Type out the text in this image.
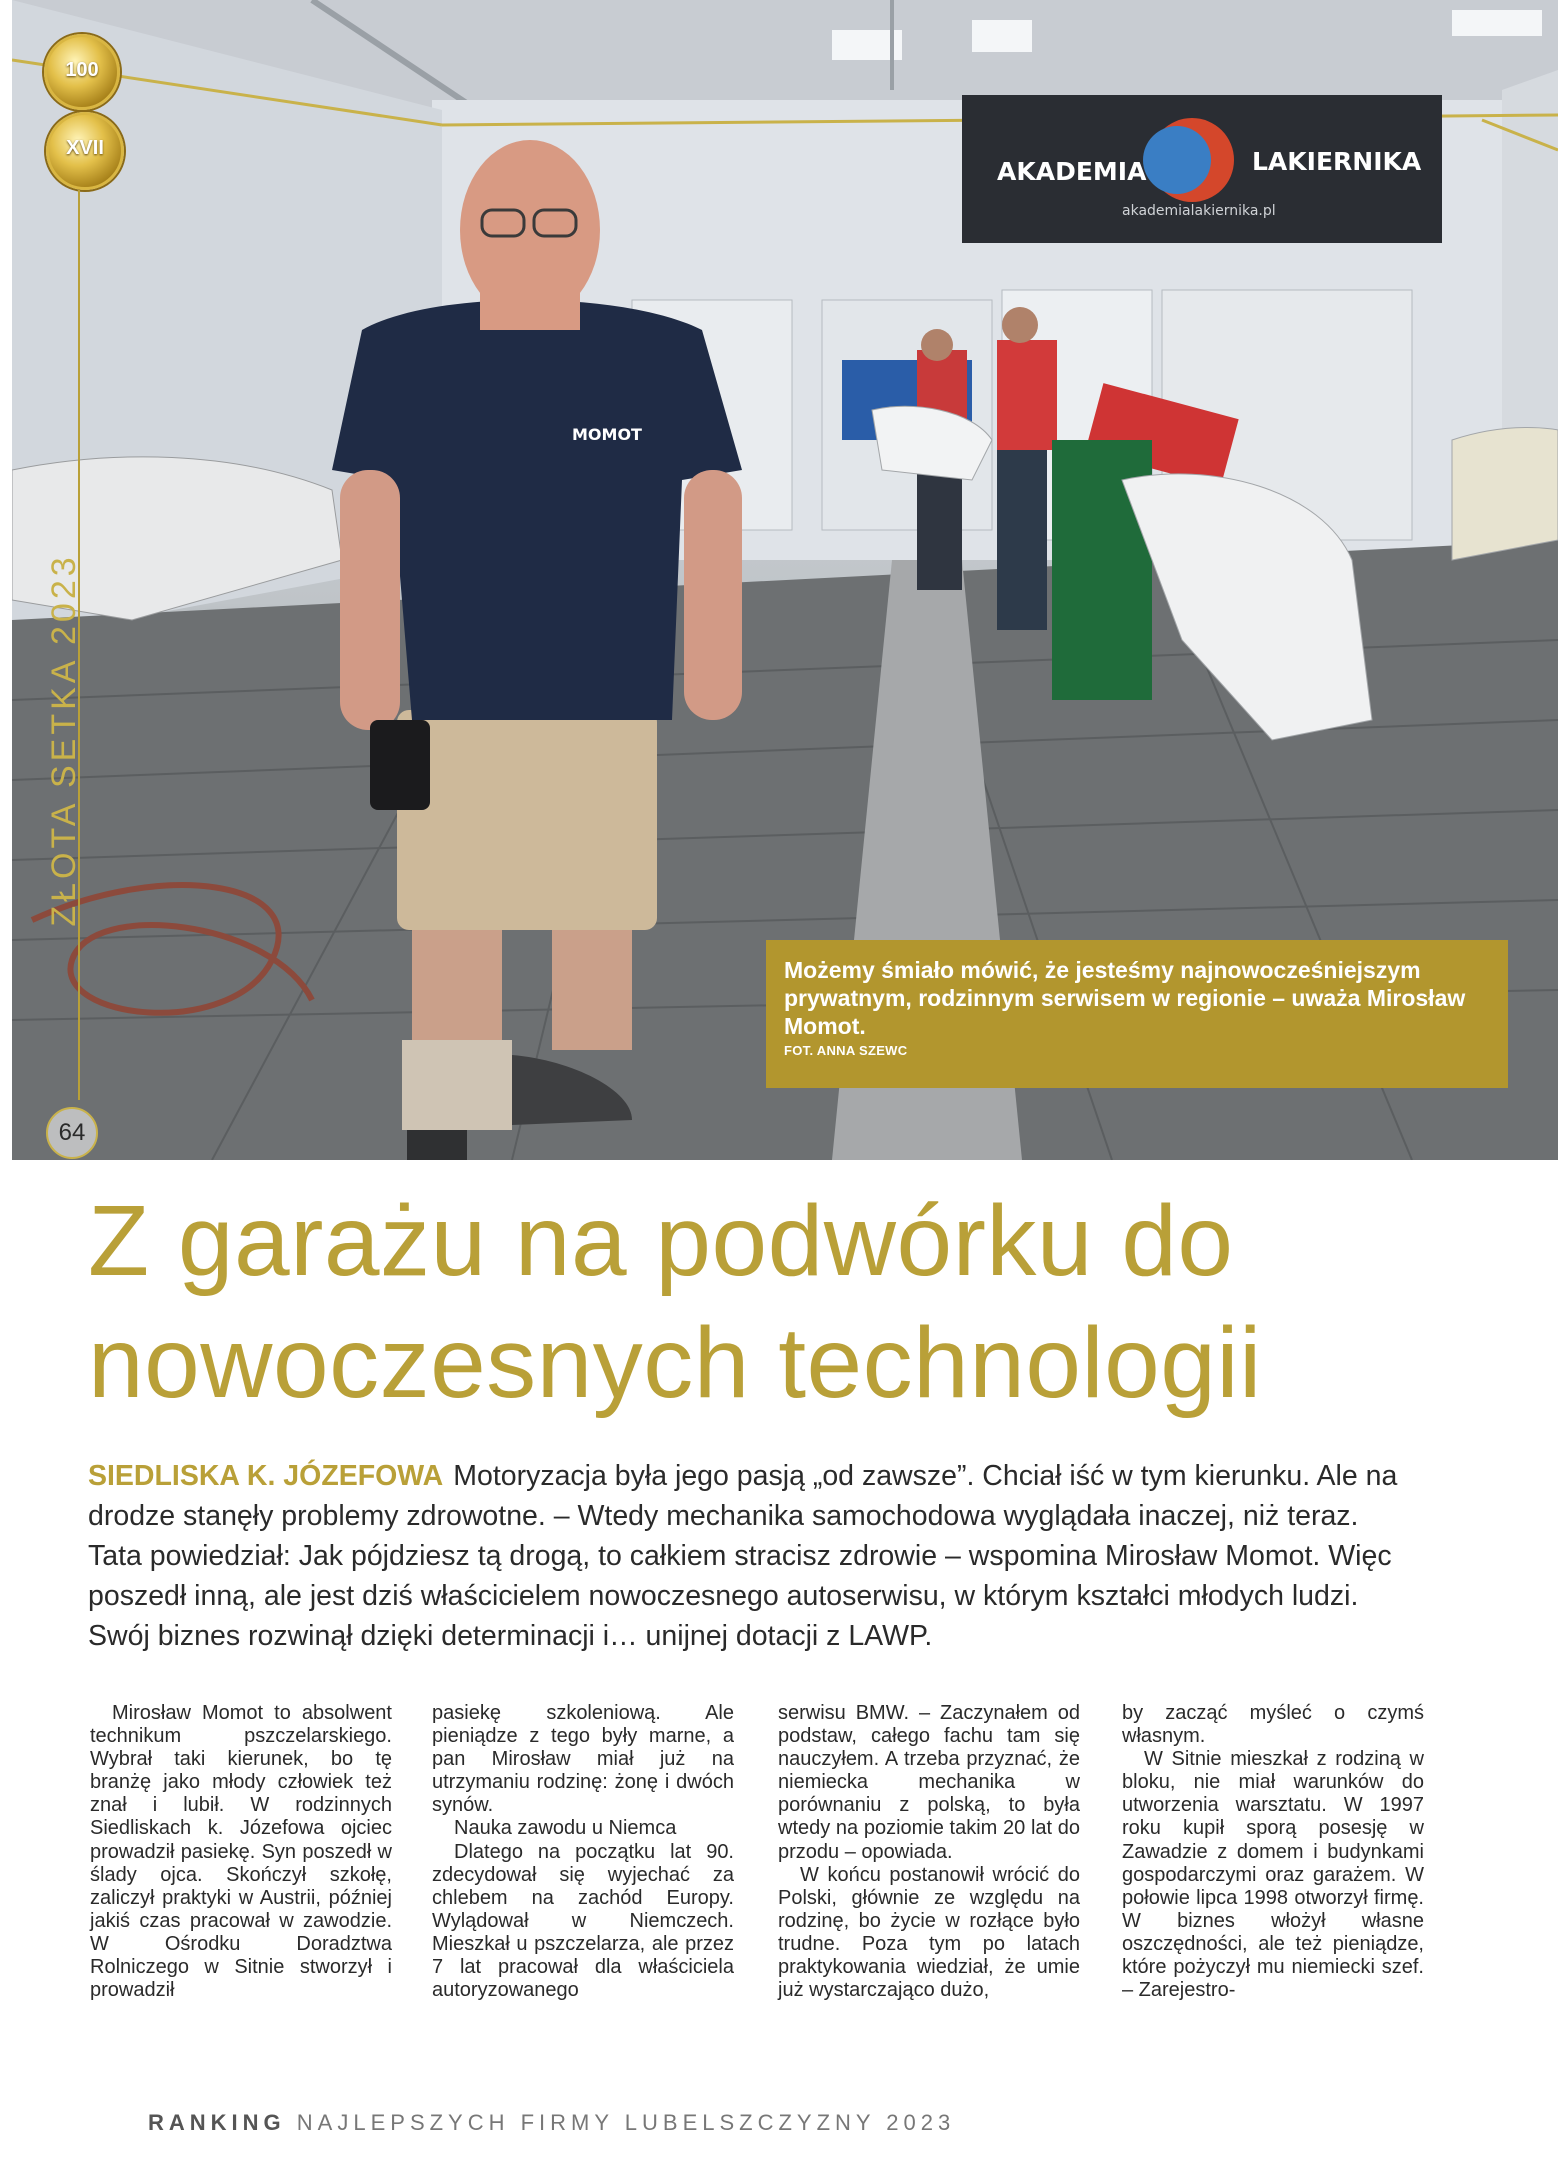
AKADEMIA	LAKIERNIKA
akademialakiernika.pl
MOMOT
100
XVII
ZŁOTA SETKA 2023
64

Możemy śmiało mówić, że jesteśmy najnowocześniejszym prywatnym, rodzinnym serwisem w regionie – uważa Mirosław Momot.

FOT. ANNA SZEWC

Z garażu na podwórku do nowoczesnych technologii

SIEDLISKA K. JÓZEFOWA Motoryzacja była jego pasją „od zawsze”. Chciał iść w tym kierunku. Ale na drodze stanęły problemy zdrowotne. – Wtedy mechanika samochodowa wyglądała inaczej, niż teraz. Tata powiedział: Jak pójdziesz tą drogą, to całkiem stracisz zdrowie – wspomina Mirosław Momot. Więc poszedł inną, ale jest dziś właścicielem nowoczesnego autoserwisu, w którym kształci młodych ludzi. Swój biznes rozwinął dzięki determinacji i… unijnej dotacji z LAWP.

Mirosław Momot to absolwent technikum pszczelarskiego. Wybrał taki kierunek, bo tę branżę jako młody człowiek też znał i lubił. W rodzinnych Siedliskach k. Józefowa ojciec prowadził pasiekę. Syn poszedł w ślady ojca. Skończył szkołę, zaliczył praktyki w Austrii, później jakiś czas pracował w zawodzie. W Ośrodku Doradztwa Rolniczego w Sitnie stworzył i prowadził

pasiekę szkoleniową. Ale pieniądze z tego były marne, a pan Mirosław miał już na utrzymaniu rodzinę: żonę i dwóch synów.

Nauka zawodu u Niemca

Dlatego na początku lat 90. zdecydował się wyjechać za chlebem na zachód Europy. Wylądował w Niemczech. Mieszkał u pszczelarza, ale przez 7 lat pracował dla właściciela autoryzowanego

serwisu BMW. – Zaczynałem od podstaw, całego fachu tam się nauczyłem. A trzeba przyznać, że niemiecka mechanika w porównaniu z polską, to była wtedy na poziomie takim 20 lat do przodu – opowiada.

W końcu postanowił wrócić do Polski, głównie ze względu na rodzinę, bo życie w rozłące było trudne. Poza tym po latach praktykowania wiedział, że umie już wystarczająco dużo,

by zacząć myśleć o czymś własnym.

W Sitnie mieszkał z rodziną w bloku, nie miał warunków do utworzenia warsztatu. W 1997 roku kupił sporą posesję w Zawadzie z domem i budynkami gospodarczymi oraz garażem. W połowie lipca 1998 otworzył firmę. W biznes włożył własne oszczędności, ale też pieniądze, które pożyczył mu niemiecki szef. – Zarejestro-

RANKING NAJLEPSZYCH FIRMY LUBELSZCZYZNY 2023
